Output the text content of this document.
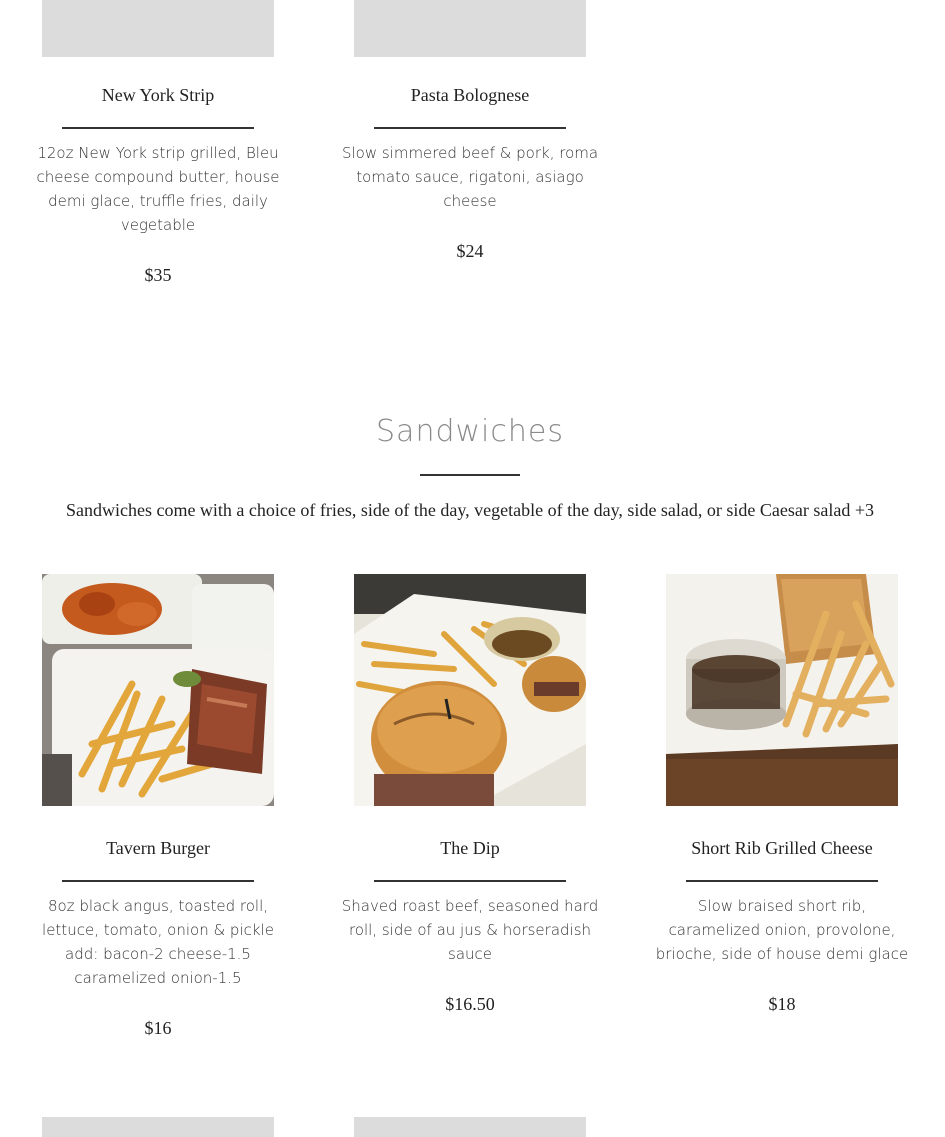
New York Strip
12oz New York strip grilled, Bleu cheese compound butter, house demi glace, truffle fries, daily vegetable
$35
Pasta Bolognese
Slow simmered beef & pork, roma tomato sauce, rigatoni, asiago cheese
$24
Sandwiches
Sandwiches come with a choice of fries, side of the day, vegetable of the day, side salad, or side Caesar salad +3
Tavern Burger
8oz black angus, toasted roll, lettuce, tomato, onion & pickle add: bacon-2 cheese-1.5 caramelized onion-1.5
$16
The Dip
Shaved roast beef, seasoned hard roll, side of au jus & horseradish sauce
$16.50
Short Rib Grilled Cheese
Slow braised short rib, caramelized onion, provolone, brioche, side of house demi glace
$18
